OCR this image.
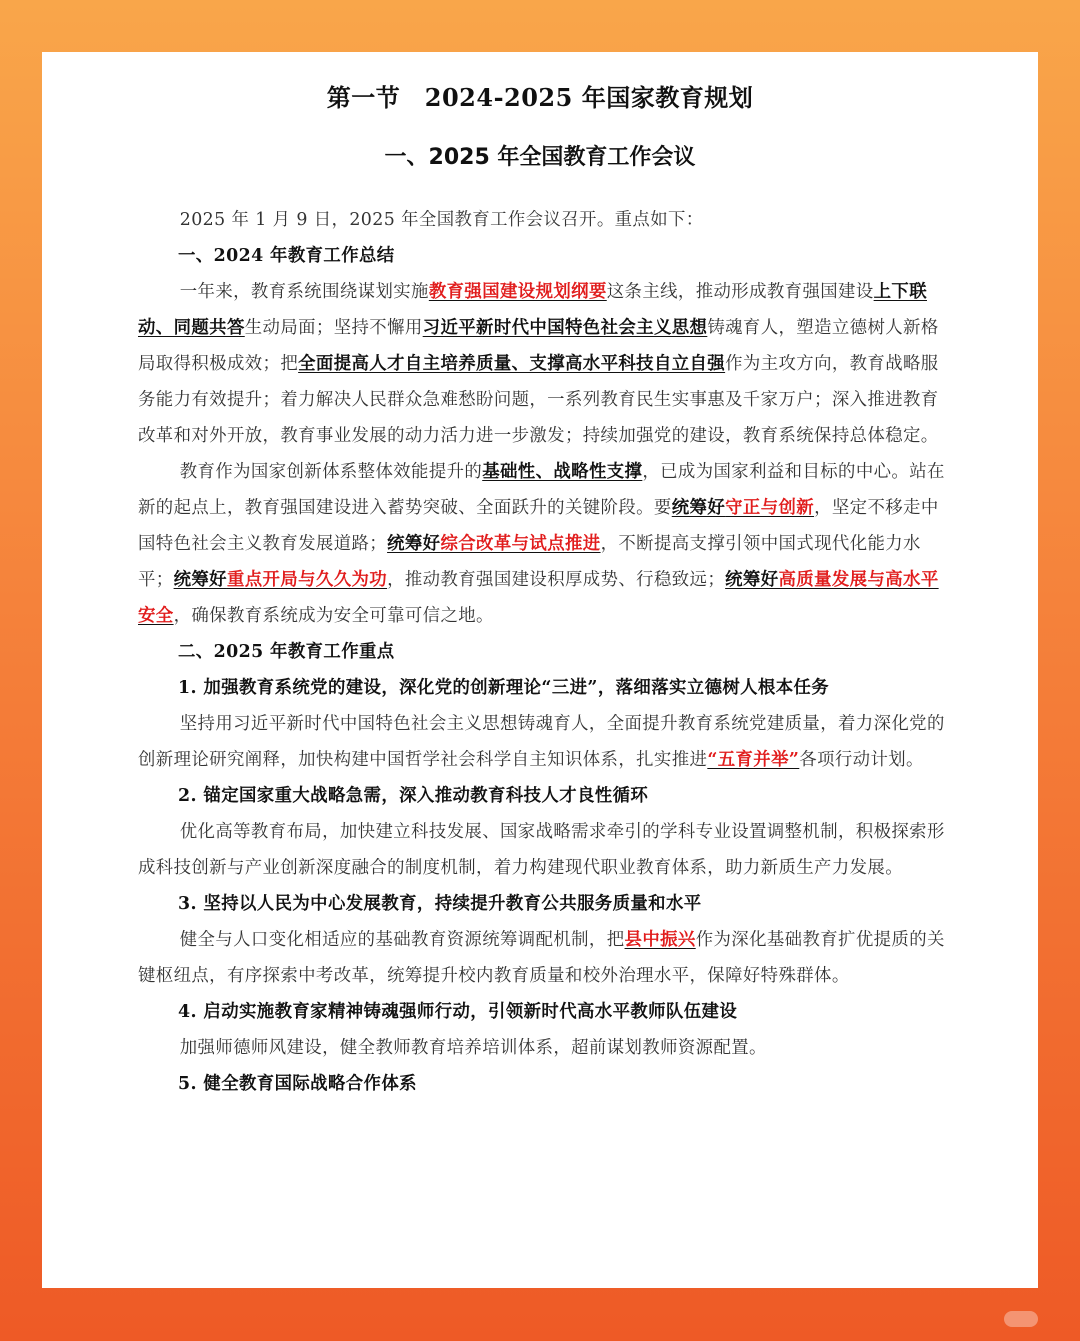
第一节　2024-2025 年国家教育规划
一、2025 年全国教育工作会议

2025 年 1 月 9 日，2025 年全国教育工作会议召开。重点如下：

一、2024 年教育工作总结

一年来，教育系统围绕谋划实施教育强国建设规划纲要这条主线，推动形成教育强国建设上下联动、同题共答生动局面；坚持不懈用习近平新时代中国特色社会主义思想铸魂育人，塑造立德树人新格局取得积极成效；把全面提高人才自主培养质量、支撑高水平科技自立自强作为主攻方向，教育战略服务能力有效提升；着力解决人民群众急难愁盼问题，一系列教育民生实事惠及千家万户；深入推进教育改革和对外开放，教育事业发展的动力活力进一步激发；持续加强党的建设，教育系统保持总体稳定。

教育作为国家创新体系整体效能提升的基础性、战略性支撑，已成为国家利益和目标的中心。站在新的起点上，教育强国建设进入蓄势突破、全面跃升的关键阶段。要统筹好守正与创新，坚定不移走中国特色社会主义教育发展道路；统筹好综合改革与试点推进，不断提高支撑引领中国式现代化能力水平；统筹好重点开局与久久为功，推动教育强国建设积厚成势、行稳致远；统筹好高质量发展与高水平安全，确保教育系统成为安全可靠可信之地。

二、2025 年教育工作重点

1. 加强教育系统党的建设，深化党的创新理论“三进”，落细落实立德树人根本任务

坚持用习近平新时代中国特色社会主义思想铸魂育人，全面提升教育系统党建质量，着力深化党的创新理论研究阐释，加快构建中国哲学社会科学自主知识体系，扎实推进“五育并举”各项行动计划。

2. 锚定国家重大战略急需，深入推动教育科技人才良性循环

优化高等教育布局，加快建立科技发展、国家战略需求牵引的学科专业设置调整机制，积极探索形成科技创新与产业创新深度融合的制度机制，着力构建现代职业教育体系，助力新质生产力发展。

3. 坚持以人民为中心发展教育，持续提升教育公共服务质量和水平

健全与人口变化相适应的基础教育资源统筹调配机制，把县中振兴作为深化基础教育扩优提质的关键枢纽点，有序探索中考改革，统筹提升校内教育质量和校外治理水平，保障好特殊群体。

4. 启动实施教育家精神铸魂强师行动，引领新时代高水平教师队伍建设

加强师德师风建设，健全教师教育培养培训体系，超前谋划教师资源配置。

5. 健全教育国际战略合作体系
